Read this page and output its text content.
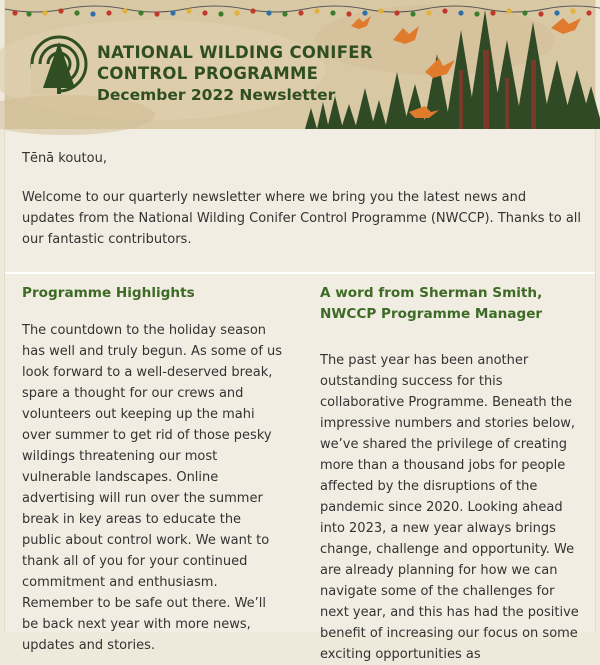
NATIONAL WILDING CONIFER
CONTROL PROGRAMME

December 2022 Newsletter

Tēnā koutou,

Welcome to our quarterly newsletter where we bring you the latest news and updates from the National Wilding Conifer Control Programme (NWCCP). Thanks to all our fantastic contributors.

Programme Highlights

The countdown to the holiday season has well and truly begun. As some of us look forward to a well-deserved break, spare a thought for our crews and volunteers out keeping up the mahi over summer to get rid of those pesky wildings threatening our most vulnerable landscapes. Online advertising will run over the summer break in key areas to educate the public about control work. We want to thank all of you for your continued commitment and enthusiasm. Remember to be safe out there. We’ll be back next year with more news, updates and stories.

A word from Sherman Smith, NWCCP Programme Manager

The past year has been another outstanding success for this collaborative Programme. Beneath the impressive numbers and stories below, we’ve shared the privilege of creating more than a thousand jobs for people affected by the disruptions of the pandemic since 2020. Looking ahead into 2023, a new year always brings change, challenge and opportunity. We are already planning for how we can navigate some of the challenges for next year, and this has had the positive benefit of increasing our focus on some exciting opportunities as
